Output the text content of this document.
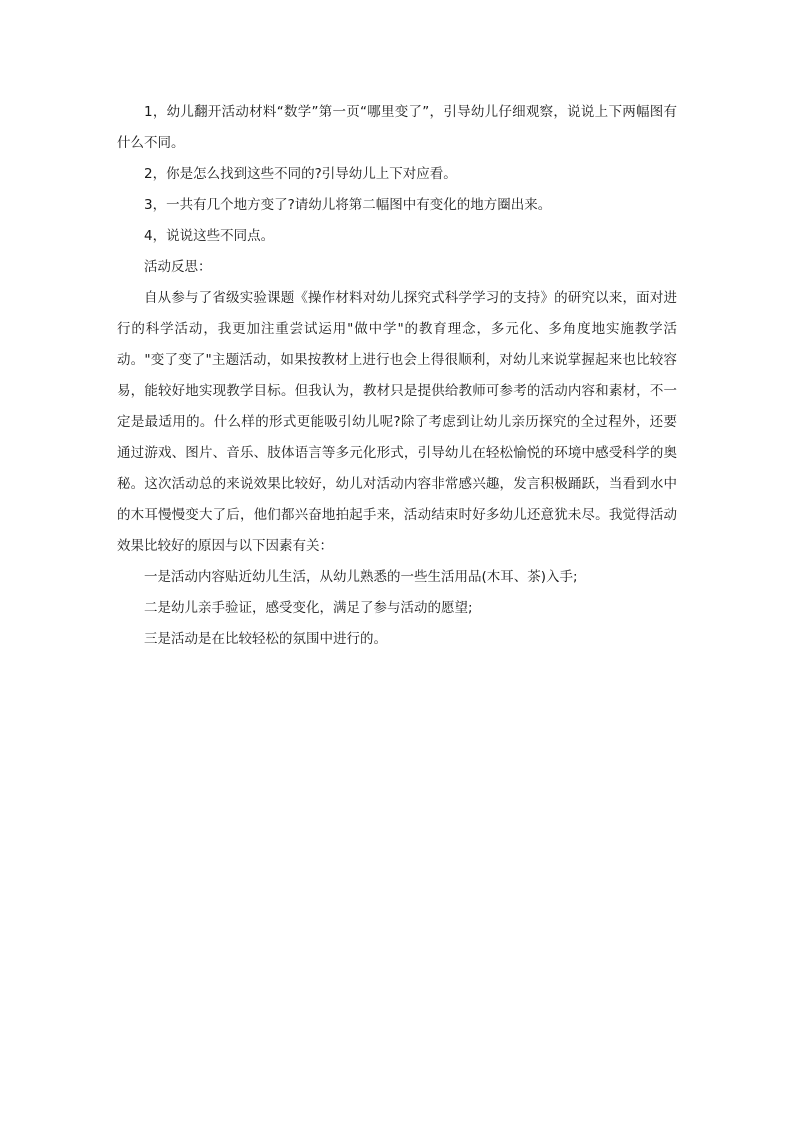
1，幼儿翻开活动材料“数学”第一页“哪里变了”，引导幼儿仔细观察，说说上下两幅图有什么不同。

2，你是怎么找到这些不同的?引导幼儿上下对应看。

3，一共有几个地方变了?请幼儿将第二幅图中有变化的地方圈出来。

4，说说这些不同点。

活动反思：

自从参与了省级实验课题《操作材料对幼儿探究式科学学习的支持》的研究以来，面对进行的科学活动，我更加注重尝试运用"做中学"的教育理念，多元化、多角度地实施教学活动。"变了变了"主题活动，如果按教材上进行也会上得很顺利，对幼儿来说掌握起来也比较容易，能较好地实现教学目标。但我认为，教材只是提供给教师可参考的活动内容和素材，不一定是最适用的。什么样的形式更能吸引幼儿呢?除了考虑到让幼儿亲历探究的全过程外，还要通过游戏、图片、音乐、肢体语言等多元化形式，引导幼儿在轻松愉悦的环境中感受科学的奥秘。这次活动总的来说效果比较好，幼儿对活动内容非常感兴趣，发言积极踊跃，当看到水中的木耳慢慢变大了后，他们都兴奋地拍起手来，活动结束时好多幼儿还意犹未尽。我觉得活动效果比较好的原因与以下因素有关：

一是活动内容贴近幼儿生活，从幼儿熟悉的一些生活用品(木耳、茶)入手;

二是幼儿亲手验证，感受变化，满足了参与活动的愿望;

三是活动是在比较轻松的氛围中进行的。
